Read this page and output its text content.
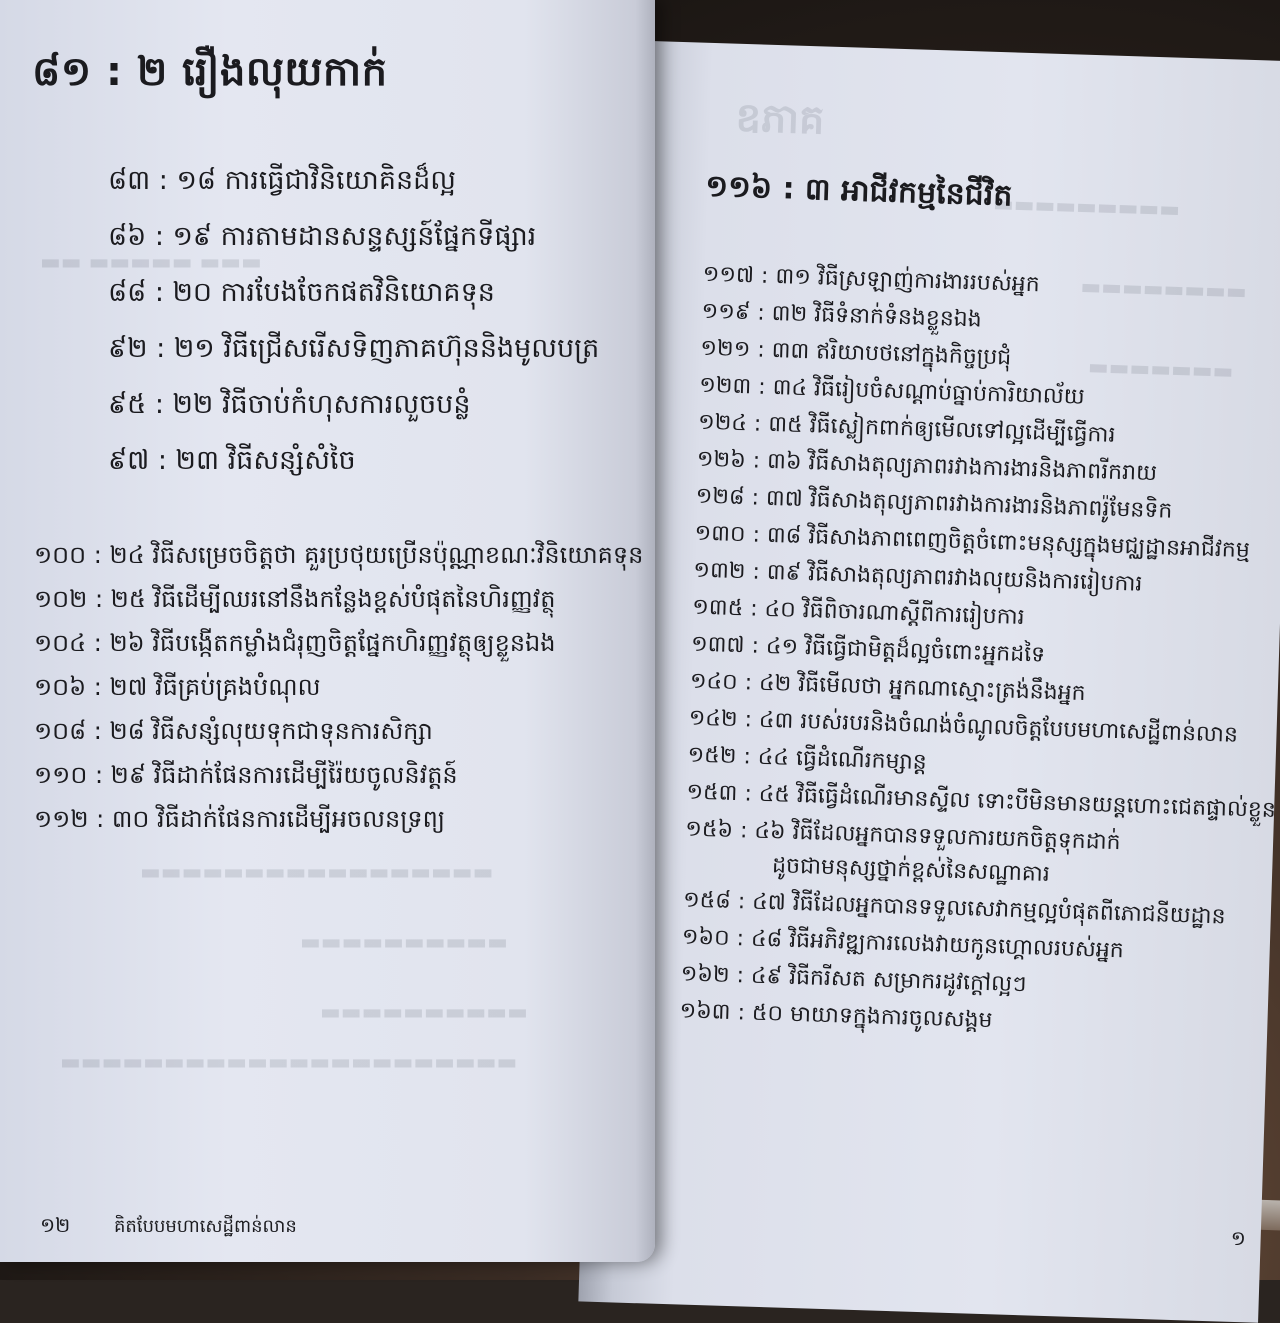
ឧភាគ
▬▬▬▬▬▬▬▬▬
▬▬▬▬▬▬▬▬
▬▬▬▬▬▬▬
១១៦ : ៣ អាជីវកម្មនៃជីវិត
១១៧ : ៣១ វិធីស្រឡាញ់ការងាររបស់អ្នក
១១៩ : ៣២ វិធីទំនាក់ទំនងខ្លួនឯង
១២១ : ៣៣ ឥរិយាបថនៅក្នុងកិច្ចប្រជុំ
១២៣ : ៣៤ វិធីរៀបចំសណ្តាប់ធ្នាប់ការិយាល័យ
១២៤ : ៣៥ វិធីស្លៀកពាក់ឲ្យមើលទៅល្អដើម្បីធ្វើការ
១២៦ : ៣៦ វិធីសាងតុល្យភាពរវាងការងារនិងភាពរីករាយ
១២៨ : ៣៧ វិធីសាងតុល្យភាពរវាងការងារនិងភាពរ៉ូមែនទិក
១៣០ : ៣៨ វិធីសាងភាពពេញចិត្តចំពោះមនុស្សក្នុងមជ្ឈដ្ឋានអាជីវកម្ម
១៣២ : ៣៩ វិធីសាងតុល្យភាពរវាងលុយនិងការរៀបការ
១៣៥ : ៤០ វិធីពិចារណាស្តីពីការរៀបការ
១៣៧ : ៤១ វិធីធ្វើជាមិត្តដ៏ល្អចំពោះអ្នកដទៃ
១៤០ : ៤២ វិធីមើលថា អ្នកណាស្មោះត្រង់នឹងអ្នក
១៤២ : ៤៣ របស់របរនិងចំណង់ចំណូលចិត្តបែបមហាសេដ្ឋីពាន់លាន
១៥២ : ៤៤ ធ្វើដំណើរកម្សាន្ត
១៥៣ : ៤៥ វិធីធ្វើដំណើរមានស្ទីល ទោះបីមិនមានយន្តហោះជេតផ្ទាល់ខ្លួន
១៥៦ : ៤៦ វិធីដែលអ្នកបានទទួលការយកចិត្តទុកដាក់
ដូចជាមនុស្សថ្នាក់ខ្ពស់នៃសណ្ឋាគារ
១៥៨ : ៤៧ វិធីដែលអ្នកបានទទួលសេវាកម្មល្អបំផុតពីភោជនីយដ្ឋាន
១៦០ : ៤៨ វិធីអភិវឌ្ឍការលេងវាយកូនហ្គោលរបស់អ្នក
១៦២ : ៤៩ វិធីករីសត សម្រាករដូវក្តៅល្អៗ
១៦៣ : ៥០ មាយាទក្នុងការចូលសង្គម
១
▬▬ ▬▬▬▬▬ ▬▬▬
▬▬▬▬▬▬▬▬▬▬▬▬▬▬▬▬▬
▬▬▬▬▬▬▬▬▬▬
▬▬▬▬▬▬▬▬▬▬
▬▬▬▬▬▬▬▬▬▬▬▬▬▬▬▬▬▬▬▬▬▬
៨១ : ២ រឿងលុយកាក់
៨៣ : ១៨ ការធ្វើជាវិនិយោគិនដ៏ល្អ
៨៦ : ១៩ ការតាមដានសន្ទស្សន៍ផ្នែកទីផ្សារ
៨៨ : ២០ ការបែងចែកផតវិនិយោគទុន
៩២ : ២១ វិធីជ្រើសរើសទិញភាគហ៊ុននិងមូលបត្រ
៩៥ : ២២ វិធីចាប់កំហុសការលួចបន្លំ
៩៧ : ២៣ វិធីសន្សំសំចៃ
១០០ : ២៤ វិធីសម្រេចចិត្តថា គួរប្រថុយប្រើនប៉ុណ្ណាខណៈវិនិយោគទុន
១០២ : ២៥ វិធីដើម្បីឈរនៅនឹងកន្លែងខ្ពស់បំផុតនៃហិរញ្ញវត្ថុ
១០៤ : ២៦ វិធីបង្កើតកម្លាំងជំរុញចិត្តផ្នែកហិរញ្ញវត្ថុឲ្យខ្លួនឯង
១០៦ : ២៧ វិធីគ្រប់គ្រងបំណុល
១០៨ : ២៨ វិធីសន្សំលុយទុកជាទុនការសិក្សា
១១០ : ២៩ វិធីដាក់ផែនការដើម្បីរ៉ៃយចូលនិវត្តន៍
១១២ : ៣០ វិធីដាក់ផែនការដើម្បីអចលនទ្រព្យ
១២ គិតបែបមហាសេដ្ឋីពាន់លាន
